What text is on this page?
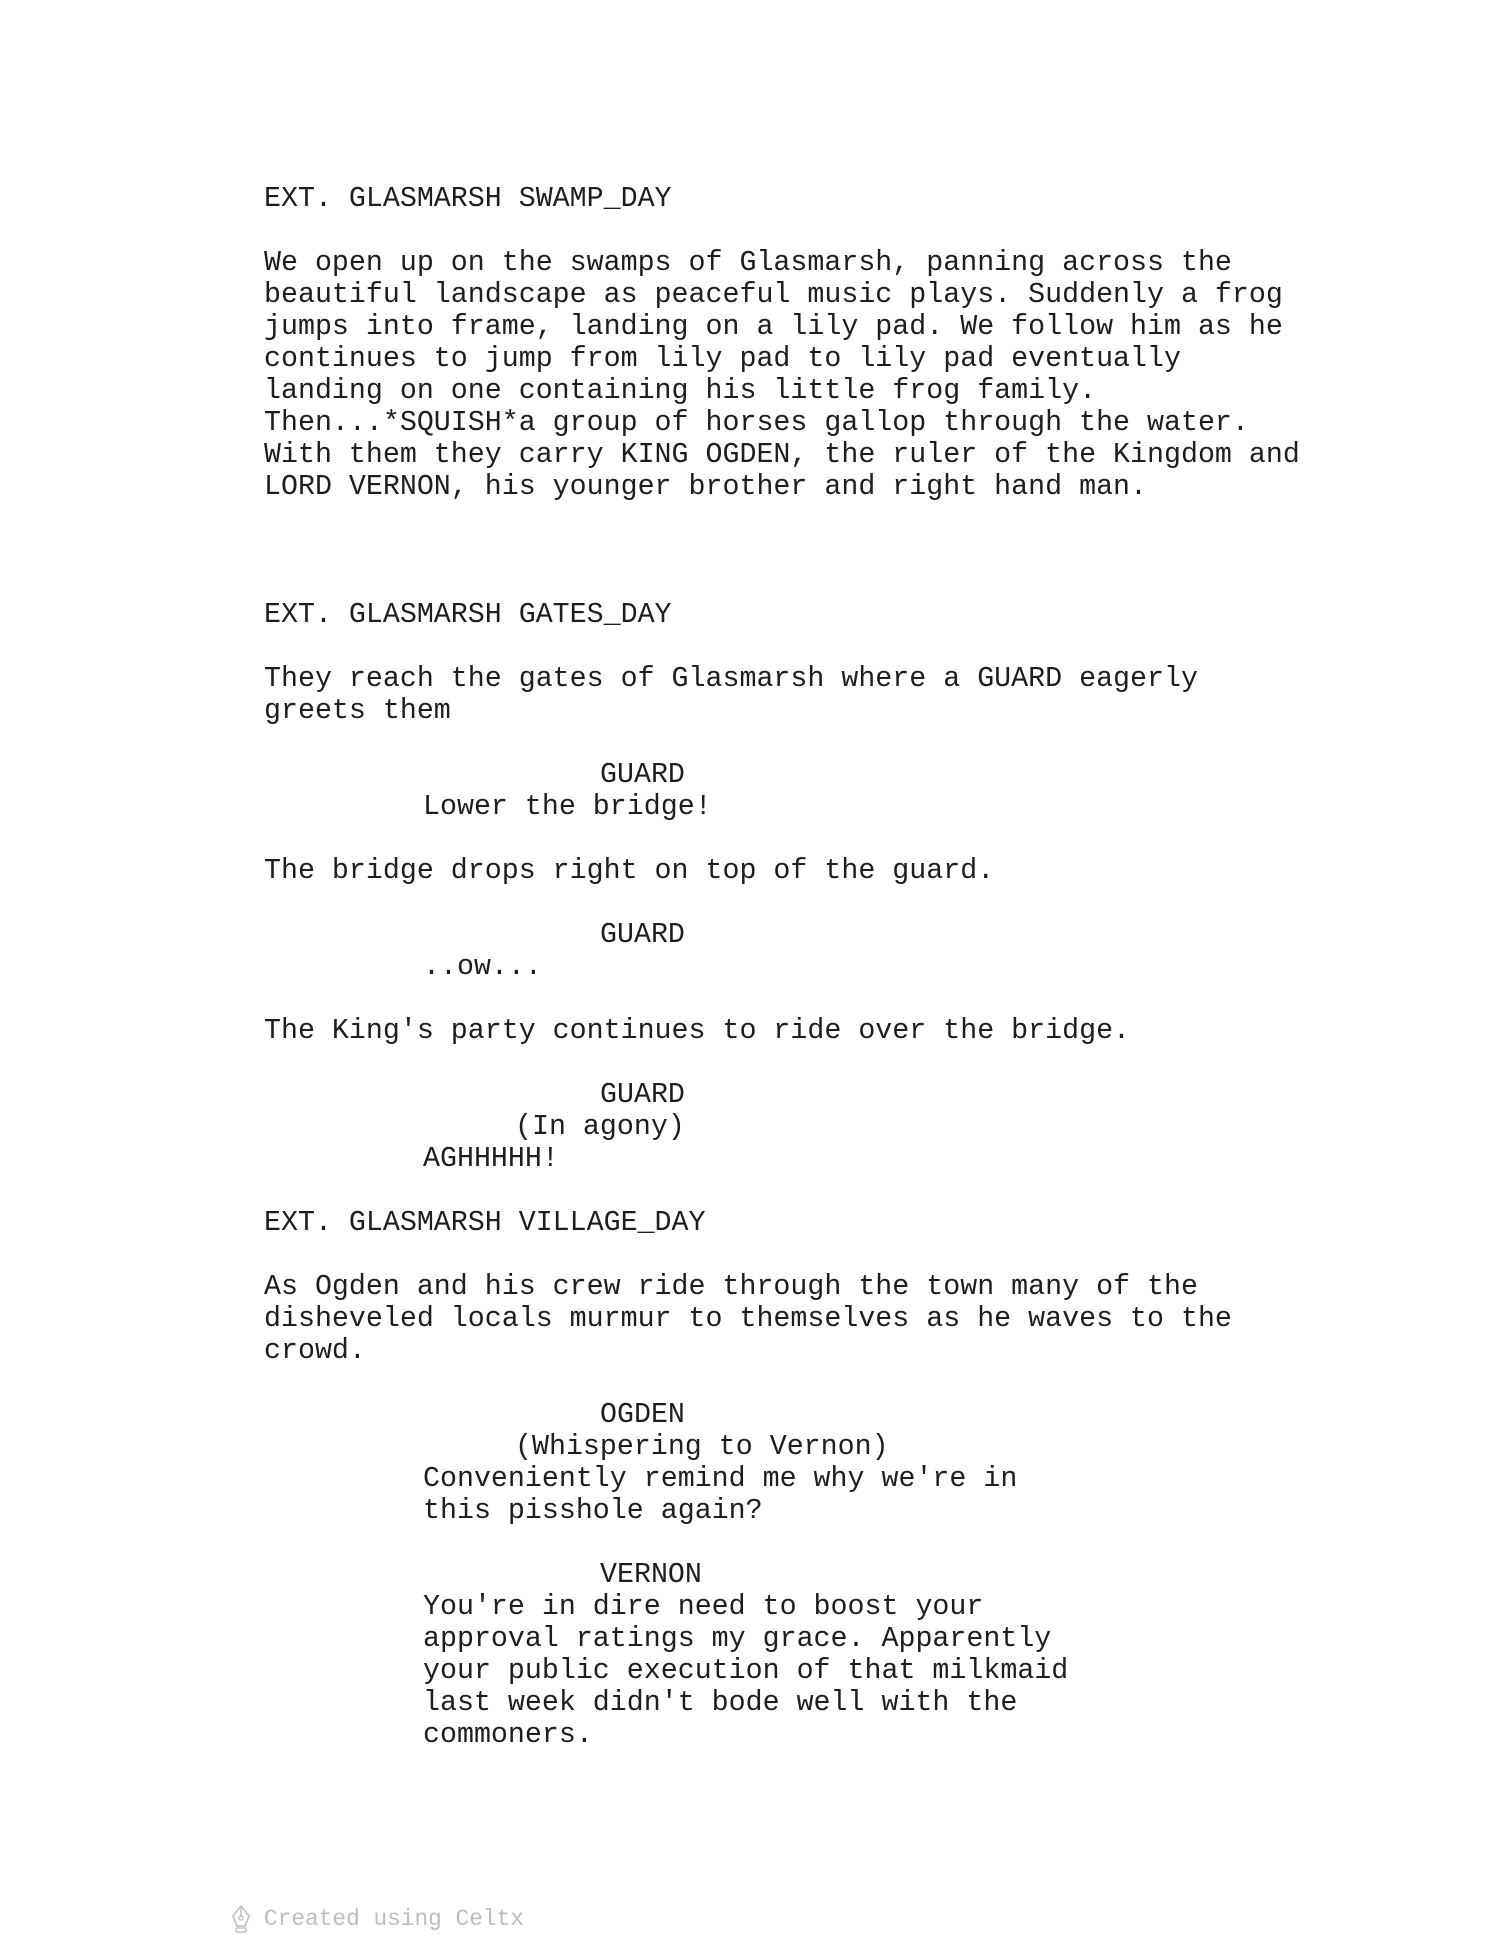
EXT. GLASMARSH SWAMP_DAY

We open up on the swamps of Glasmarsh, panning across the

beautiful landscape as peaceful music plays. Suddenly a frog

jumps into frame, landing on a lily pad. We follow him as he

continues to jump from lily pad to lily pad eventually

landing on one containing his little frog family.

Then...*SQUISH*a group of horses gallop through the water.

With them they carry KING OGDEN, the ruler of the Kingdom and

LORD VERNON, his younger brother and right hand man.

EXT. GLASMARSH GATES_DAY

They reach the gates of Glasmarsh where a GUARD eagerly

greets them

GUARD

Lower the bridge!

The bridge drops right on top of the guard.

GUARD

..ow...

The King's party continues to ride over the bridge.

GUARD

(In agony)

AGHHHHH!

EXT. GLASMARSH VILLAGE_DAY

As Ogden and his crew ride through the town many of the

disheveled locals murmur to themselves as he waves to the

crowd.

OGDEN

(Whispering to Vernon)

Conveniently remind me why we're in

this pisshole again?

VERNON

You're in dire need to boost your

approval ratings my grace. Apparently

your public execution of that milkmaid

last week didn't bode well with the

commoners.

Created using Celtx
